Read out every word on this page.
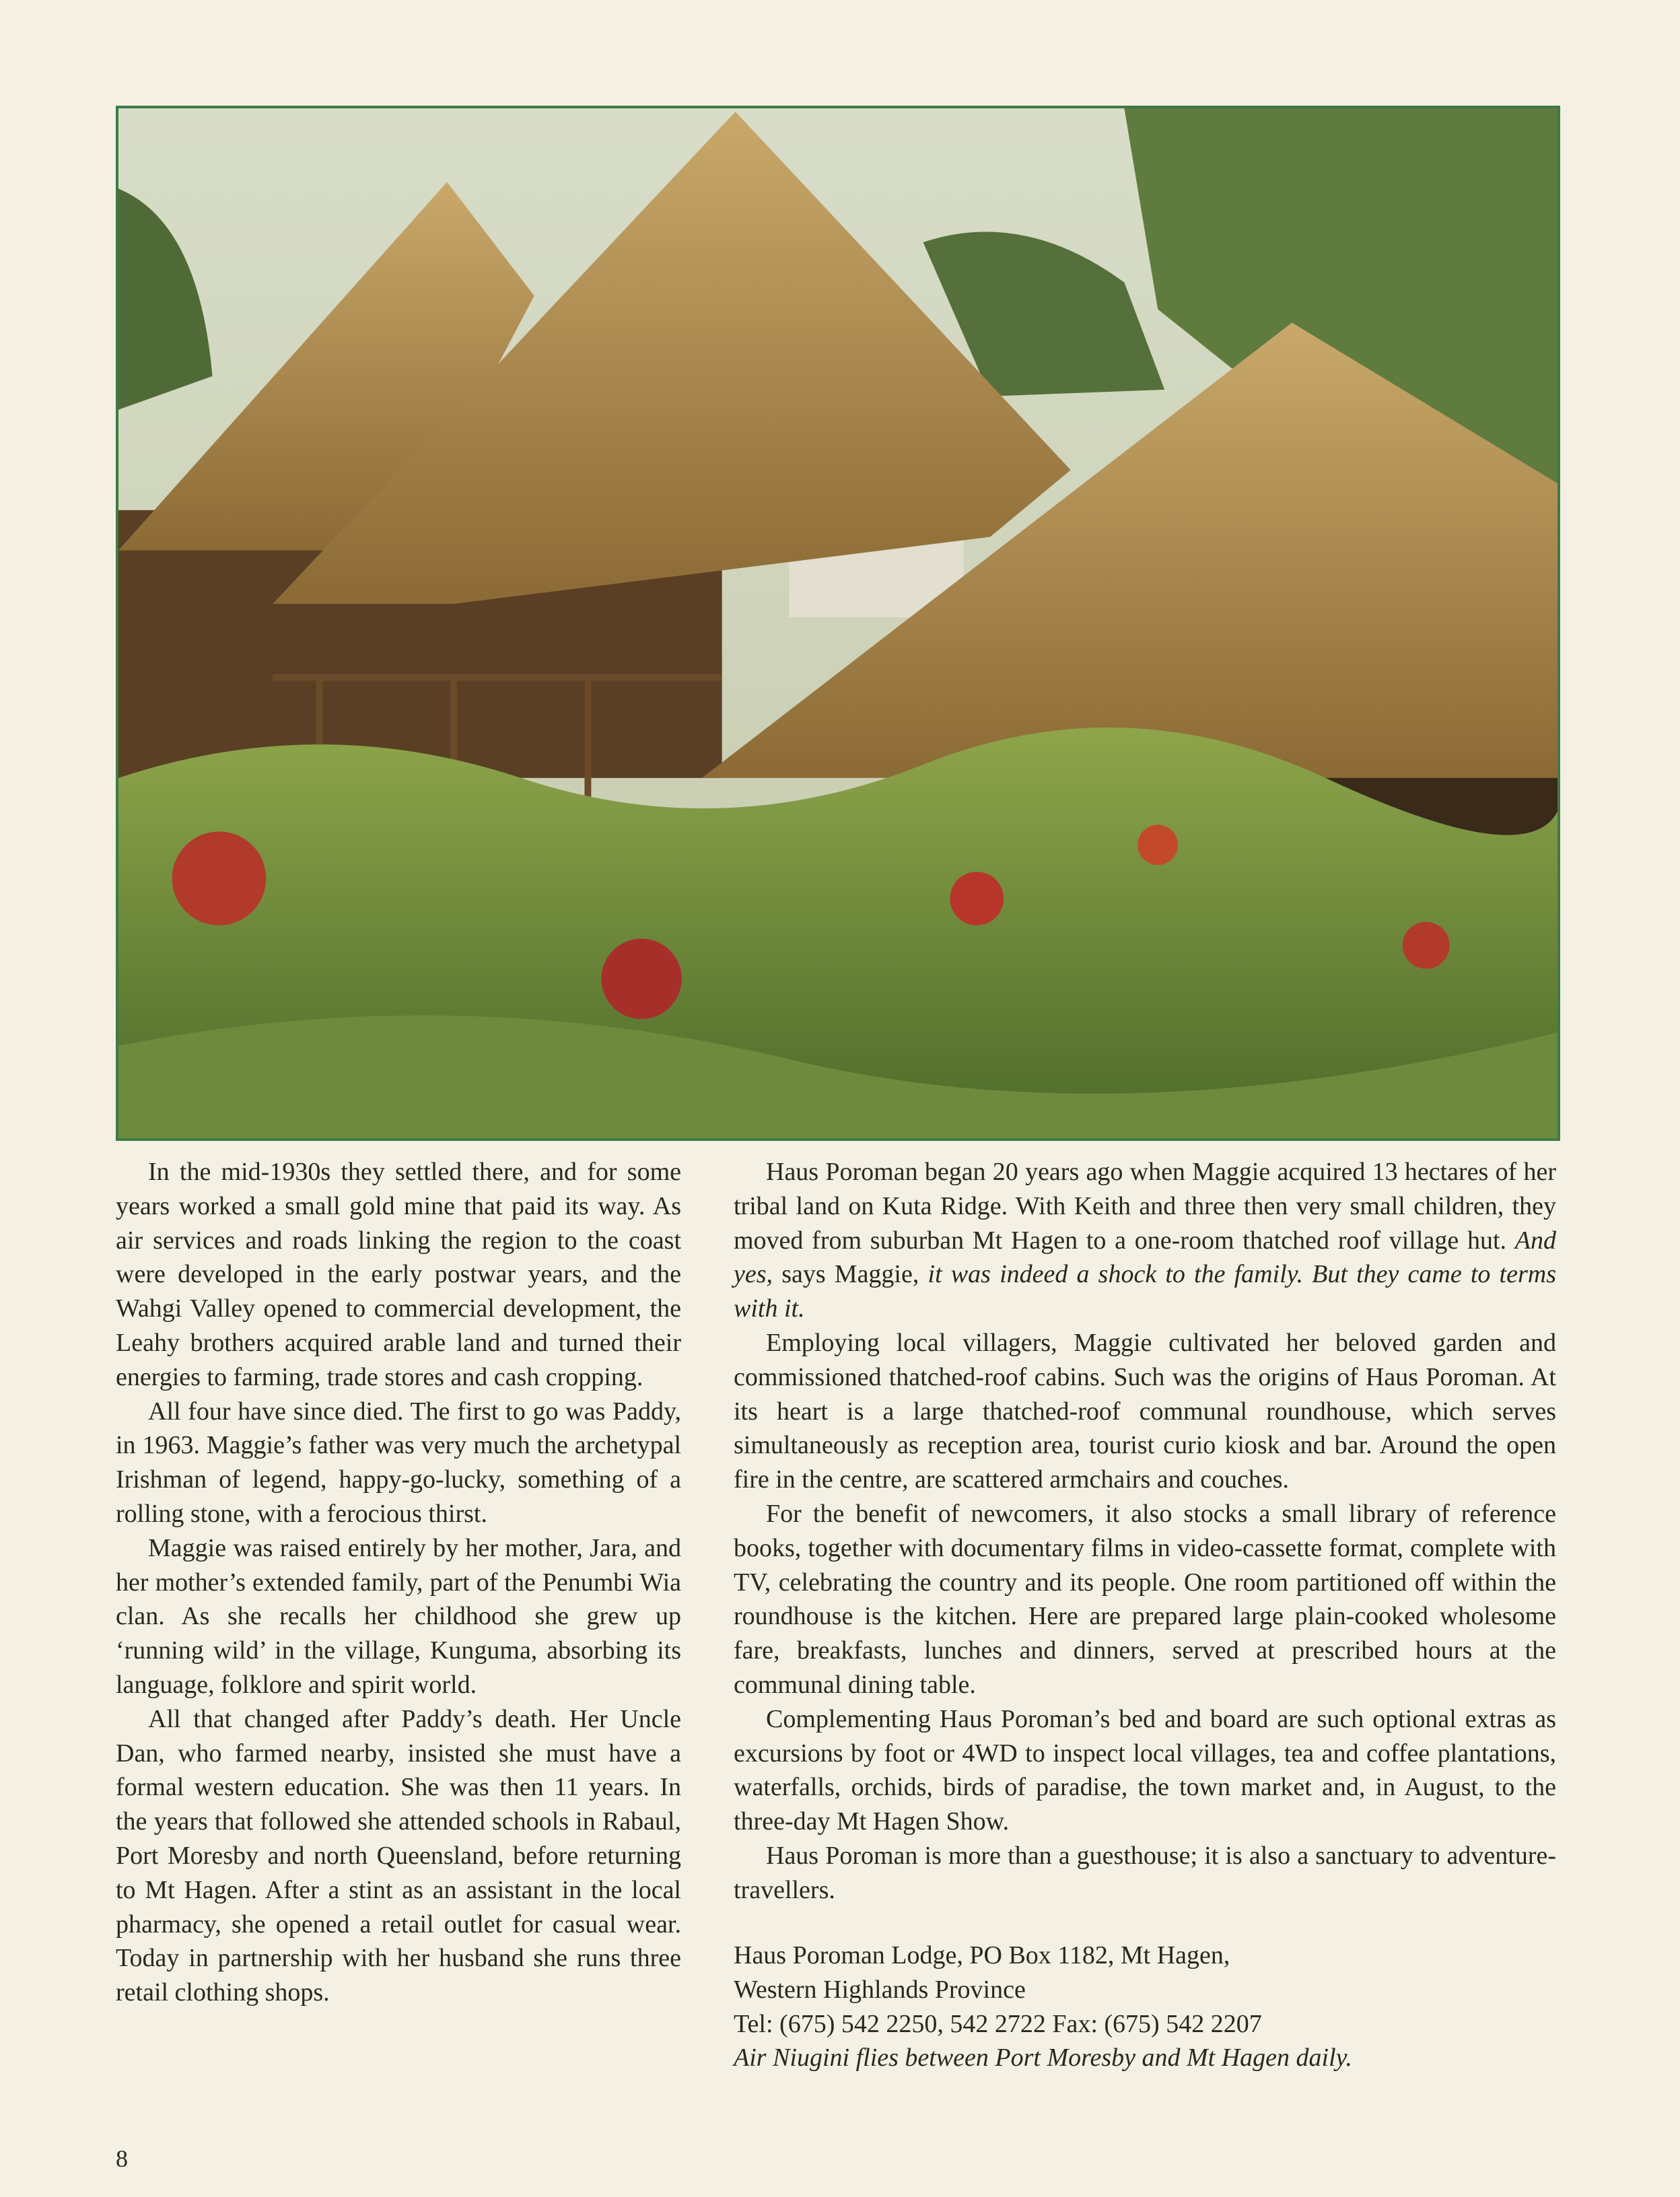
In the mid-1930s they settled there, and for some years worked a small gold mine that paid its way. As air services and roads linking the region to the coast were developed in the early postwar years, and the Wahgi Valley opened to commercial development, the Leahy brothers acquired arable land and turned their energies to farming, trade stores and cash cropping.

All four have since died. The first to go was Paddy, in 1963. Maggie’s father was very much the archetypal Irishman of legend, happy-go-lucky, something of a rolling stone, with a ferocious thirst.

Maggie was raised entirely by her mother, Jara, and her mother’s extended family, part of the Penumbi Wia clan. As she recalls her childhood she grew up ‘running wild’ in the village, Kunguma, absorbing its language, folklore and spirit world.

All that changed after Paddy’s death. Her Uncle Dan, who farmed nearby, insisted she must have a formal western education. She was then 11 years. In the years that followed she attended schools in Rabaul, Port Moresby and north Queensland, before returning to Mt Hagen. After a stint as an assistant in the local pharmacy, she opened a retail outlet for casual wear. Today in partnership with her husband she runs three retail clothing shops.

Haus Poroman began 20 years ago when Maggie acquired 13 hectares of her tribal land on Kuta Ridge. With Keith and three then very small children, they moved from suburban Mt Hagen to a one-room thatched roof village hut. And yes, says Maggie, it was indeed a shock to the family. But they came to terms with it.

Employing local villagers, Maggie cultivated her beloved garden and commissioned thatched-roof cabins. Such was the origins of Haus Poroman. At its heart is a large thatched-roof communal roundhouse, which serves simultaneously as reception area, tourist curio kiosk and bar. Around the open fire in the centre, are scattered armchairs and couches.

For the benefit of newcomers, it also stocks a small library of reference books, together with documentary films in video-cassette format, complete with TV, celebrating the country and its people. One room partitioned off within the roundhouse is the kitchen. Here are prepared large plain-cooked wholesome fare, breakfasts, lunches and dinners, served at prescribed hours at the communal dining table.

Complementing Haus Poroman’s bed and board are such optional extras as excursions by foot or 4WD to inspect local villages, tea and coffee plantations, waterfalls, orchids, birds of paradise, the town market and, in August, to the three-day Mt Hagen Show.

Haus Poroman is more than a guesthouse; it is also a sanctuary to adventure-travellers.

Haus Poroman Lodge, PO Box 1182, Mt Hagen,
Western Highlands Province
Tel: (675) 542 2250, 542 2722 Fax: (675) 542 2207
Air Niugini flies between Port Moresby and Mt Hagen daily.
8
